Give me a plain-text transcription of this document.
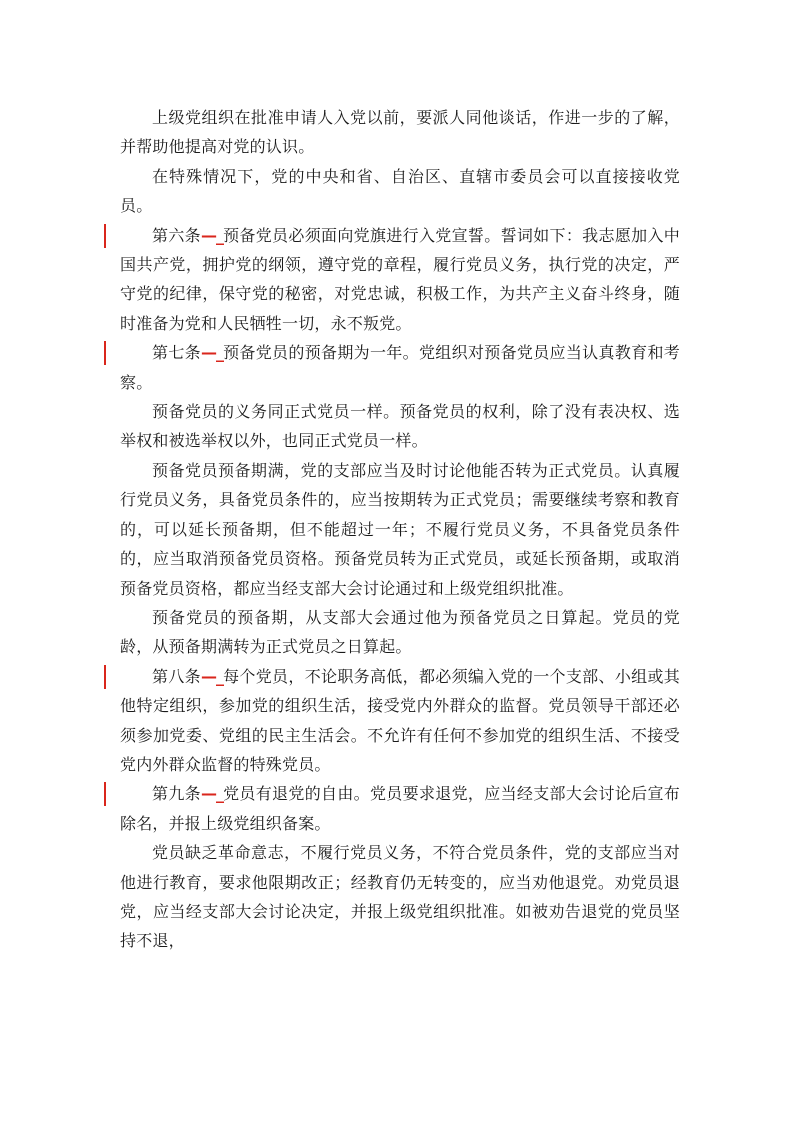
上级党组织在批准申请人入党以前，要派人同他谈话，作进一步的了解，并帮助他提高对党的认识。

在特殊情况下，党的中央和省、自治区、直辖市委员会可以直接接收党员。

第六条—_预备党员必须面向党旗进行入党宣誓。誓词如下：我志愿加入中国共产党，拥护党的纲领，遵守党的章程，履行党员义务，执行党的决定，严守党的纪律，保守党的秘密，对党忠诚，积极工作，为共产主义奋斗终身，随时准备为党和人民牺牲一切，永不叛党。

第七条—_预备党员的预备期为一年。党组织对预备党员应当认真教育和考察。

预备党员的义务同正式党员一样。预备党员的权利，除了没有表决权、选举权和被选举权以外，也同正式党员一样。

预备党员预备期满，党的支部应当及时讨论他能否转为正式党员。认真履行党员义务，具备党员条件的，应当按期转为正式党员；需要继续考察和教育的，可以延长预备期，但不能超过一年；不履行党员义务，不具备党员条件的，应当取消预备党员资格。预备党员转为正式党员，或延长预备期，或取消预备党员资格，都应当经支部大会讨论通过和上级党组织批准。

预备党员的预备期，从支部大会通过他为预备党员之日算起。党员的党龄，从预备期满转为正式党员之日算起。

第八条—_每个党员，不论职务高低，都必须编入党的一个支部、小组或其他特定组织，参加党的组织生活，接受党内外群众的监督。党员领导干部还必须参加党委、党组的民主生活会。不允许有任何不参加党的组织生活、不接受党内外群众监督的特殊党员。

第九条—_党员有退党的自由。党员要求退党，应当经支部大会讨论后宣布除名，并报上级党组织备案。

党员缺乏革命意志，不履行党员义务，不符合党员条件，党的支部应当对他进行教育，要求他限期改正；经教育仍无转变的，应当劝他退党。劝党员退党，应当经支部大会讨论决定，并报上级党组织批准。如被劝告退党的党员坚持不退，
